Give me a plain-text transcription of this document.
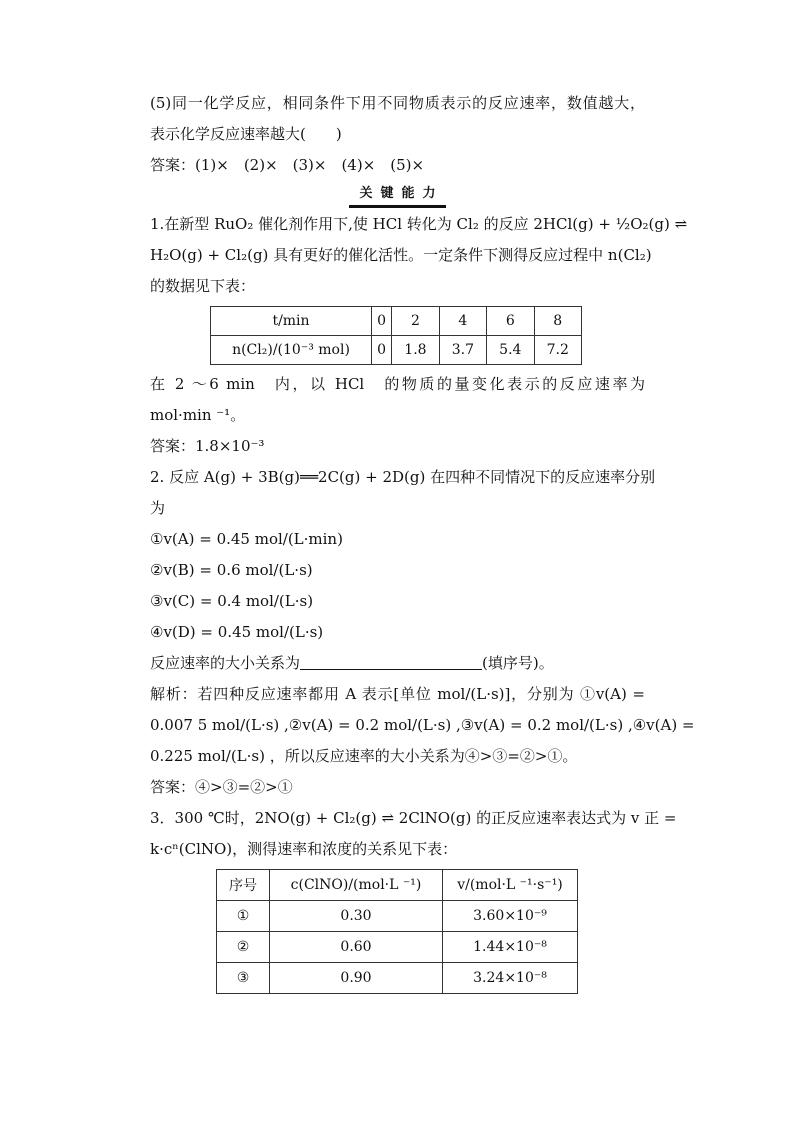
(5)同一化学反应，相同条件下用不同物质表示的反应速率，数值越大，
表示化学反应速率越大(　　)
答案：(1)×　(2)×　(3)×　(4)×　(5)×
关键能力
1.在新型 RuO₂ 催化剂作用下,使 HCl 转化为 Cl₂ 的反应 2HCl(g) + ½O₂(g) ⇌
H₂O(g) + Cl₂(g) 具有更好的催化活性。一定条件下测得反应过程中 n(Cl₂)
的数据见下表：
t/min	0	2	4	6	8
n(Cl₂)/(10⁻³ mol)	0	1.8	3.7	5.4	7.2
在 2 ～6 min　内，以 HCl　的物质的量变化表示的反应速率为
mol·min ⁻¹。
答案：1.8×10⁻³
2. 反应 A(g) + 3B(g)══2C(g) + 2D(g) 在四种不同情况下的反应速率分别
为
①v(A) = 0.45 mol/(L·min)
②v(B) = 0.6 mol/(L·s)
③v(C) = 0.4 mol/(L·s)
④v(D) = 0.45 mol/(L·s)
反应速率的大小关系为	(填序号)。
解析：若四种反应速率都用 A 表示[单位 mol/(L·s)]，分别为 ①v(A) =
0.007 5 mol/(L·s) ,②v(A) = 0.2 mol/(L·s) ,③v(A) = 0.2 mol/(L·s) ,④v(A) =
0.225 mol/(L·s) ，所以反应速率的大小关系为④>③=②>①。
答案：④>③=②>①
3．300 ℃时，2NO(g) + Cl₂(g) ⇌ 2ClNO(g) 的正反应速率表达式为 v 正 =
k·cⁿ(ClNO)，测得速率和浓度的关系见下表：
序号	c(ClNO)/(mol·L ⁻¹)	v/(mol·L ⁻¹·s⁻¹)
①	0.30	3.60×10⁻⁹
②	0.60	1.44×10⁻⁸
③	0.90	3.24×10⁻⁸
